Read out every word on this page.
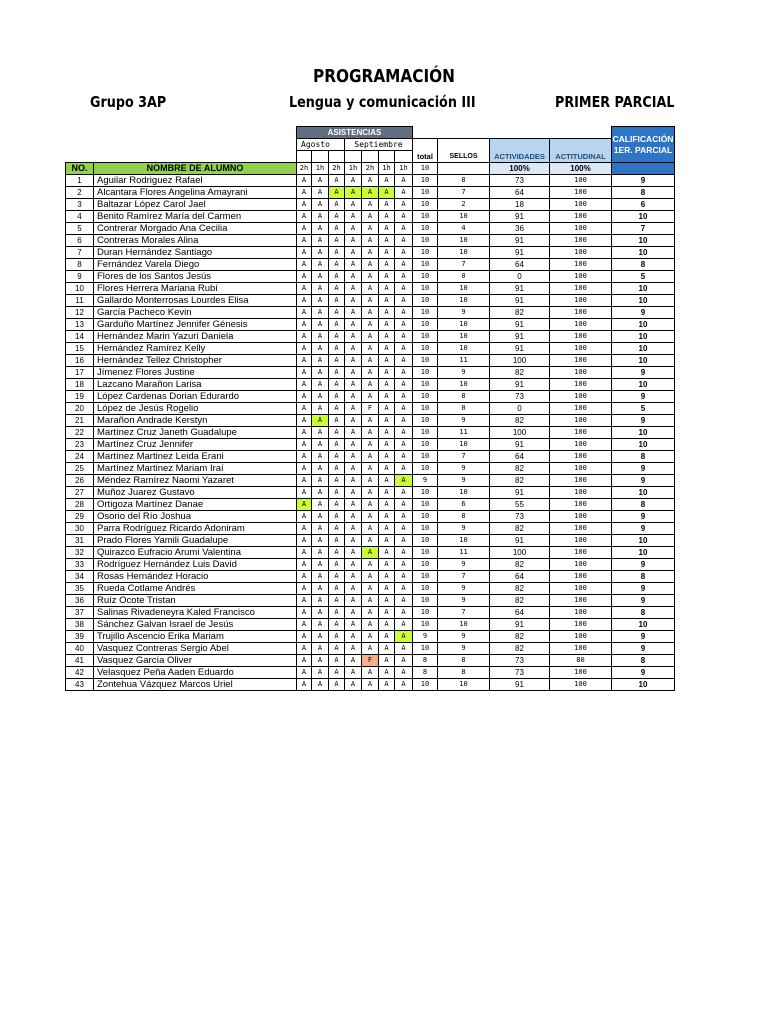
PROGRAMACIÓN
Grupo 3AP	Lengua y comunicación III	PRIMER PARCIAL
		ASISTENCIAS											CALIFICACIÓN
1ER. PARCIAL
		Agosto			Septiembre				total	SELLOS	ACTIVIDADES	ACTITUDINAL	

NO.	NOMBRE DE ALUMNO	2h	1h	2h	1h	2h	1h	1h	10		100%	100%	
1	Aguilar Rodriguez Rafael	A	A	A	A	A	A	A	10	8	73	100	9
2	Alcantara Flores Angelina Amayrani	A	A	A	A	A	A	A	10	7	64	100	8
3	Baltazar López Carol Jael	A	A	A	A	A	A	A	10	2	18	100	6
4	Benito Ramírez María del Carmen	A	A	A	A	A	A	A	10	10	91	100	10
5	Contrerar Morgado Ana Cecilia	A	A	A	A	A	A	A	10	4	36	100	7
6	Contreras Morales Alina	A	A	A	A	A	A	A	10	10	91	100	10
7	Duran Hernández Santiago	A	A	A	A	A	A	A	10	10	91	100	10
8	Fernández Varela Diego	A	A	A	A	A	A	A	10	7	64	100	8
9	Flores de los Santos Jesús	A	A	A	A	A	A	A	10	0	0	100	5
10	Flores Herrera Mariana Rubí	A	A	A	A	A	A	A	10	10	91	100	10
11	Gallardo Monterrosas Lourdes Elisa	A	A	A	A	A	A	A	10	10	91	100	10
12	García Pacheco Kevin	A	A	A	A	A	A	A	10	9	82	100	9
13	Garduño Martínez Jennifer Génesis	A	A	A	A	A	A	A	10	10	91	100	10
14	Hernández Marin Yazuri Daniela	A	A	A	A	A	A	A	10	10	91	100	10
15	Hernández Ramírez Kelly	A	A	A	A	A	A	A	10	10	91	100	10
16	Hernández Tellez Christopher	A	A	A	A	A	A	A	10	11	100	100	10
17	Jímenez Flores Justine	A	A	A	A	A	A	A	10	9	82	100	9
18	Lazcano Marañon Larisa	A	A	A	A	A	A	A	10	10	91	100	10
19	López Cardenas Dorian Edurardo	A	A	A	A	A	A	A	10	8	73	100	9
20	López de Jesús Rogelio	A	A	A	A	F	A	A	10	0	0	100	5
21	Marañon Andrade Kerstyn	A	A	A	A	A	A	A	10	9	82	100	9
22	Martínez Cruz Janeth Guadalupe	A	A	A	A	A	A	A	10	11	100	100	10
23	Martínez Cruz Jennifer	A	A	A	A	A	A	A	10	10	91	100	10
24	Martínez Martinez Leida Erani	A	A	A	A	A	A	A	10	7	64	100	8
25	Martínez Martinez Mariam Iraí	A	A	A	A	A	A	A	10	9	82	100	9
26	Méndez Ramírez Naomi Yazaret	A	A	A	A	A	A	A	9	9	82	100	9
27	Muñoz Juarez Gustavo	A	A	A	A	A	A	A	10	10	91	100	10
28	Ortigoza Martínez Danae	A	A	A	A	A	A	A	10	6	55	100	8
29	Osorio del Río Joshua	A	A	A	A	A	A	A	10	8	73	100	9
30	Parra Rodríguez Ricardo Adoniram	A	A	A	A	A	A	A	10	9	82	100	9
31	Prado Flores Yamili Guadalupe	A	A	A	A	A	A	A	10	10	91	100	10
32	Quirazco Eufracio Arumi Valentina	A	A	A	A	A	A	A	10	11	100	100	10
33	Rodríguez Hernández Luis David	A	A	A	A	A	A	A	10	9	82	100	9
34	Rosas Hernández Horacio	A	A	A	A	A	A	A	10	7	64	100	8
35	Rueda Cotlame Andrés	A	A	A	A	A	A	A	10	9	82	100	9
36	Ruíz Ocote Tristan	A	A	A	A	A	A	A	10	9	82	100	9
37	Salinas Rivadeneyra Kaled Francisco	A	A	A	A	A	A	A	10	7	64	100	8
38	Sánchez Galvan Israel de Jesús	A	A	A	A	A	A	A	10	10	91	100	10
39	Trujillo Ascencio Erika Mariam	A	A	A	A	A	A	A	9	9	82	100	9
40	Vasquez Contreras Sergio Abel	A	A	A	A	A	A	A	10	9	82	100	9
41	Vasquez García Oliver	A	A	A	A	F	A	A	8	8	73	80	8
42	Velasquez Peña Aaden Eduardo	A	A	A	A	A	A	A	8	8	73	100	9
43	Zontehua Vázquez Marcos Uriel	A	A	A	A	A	A	A	10	10	91	100	10
